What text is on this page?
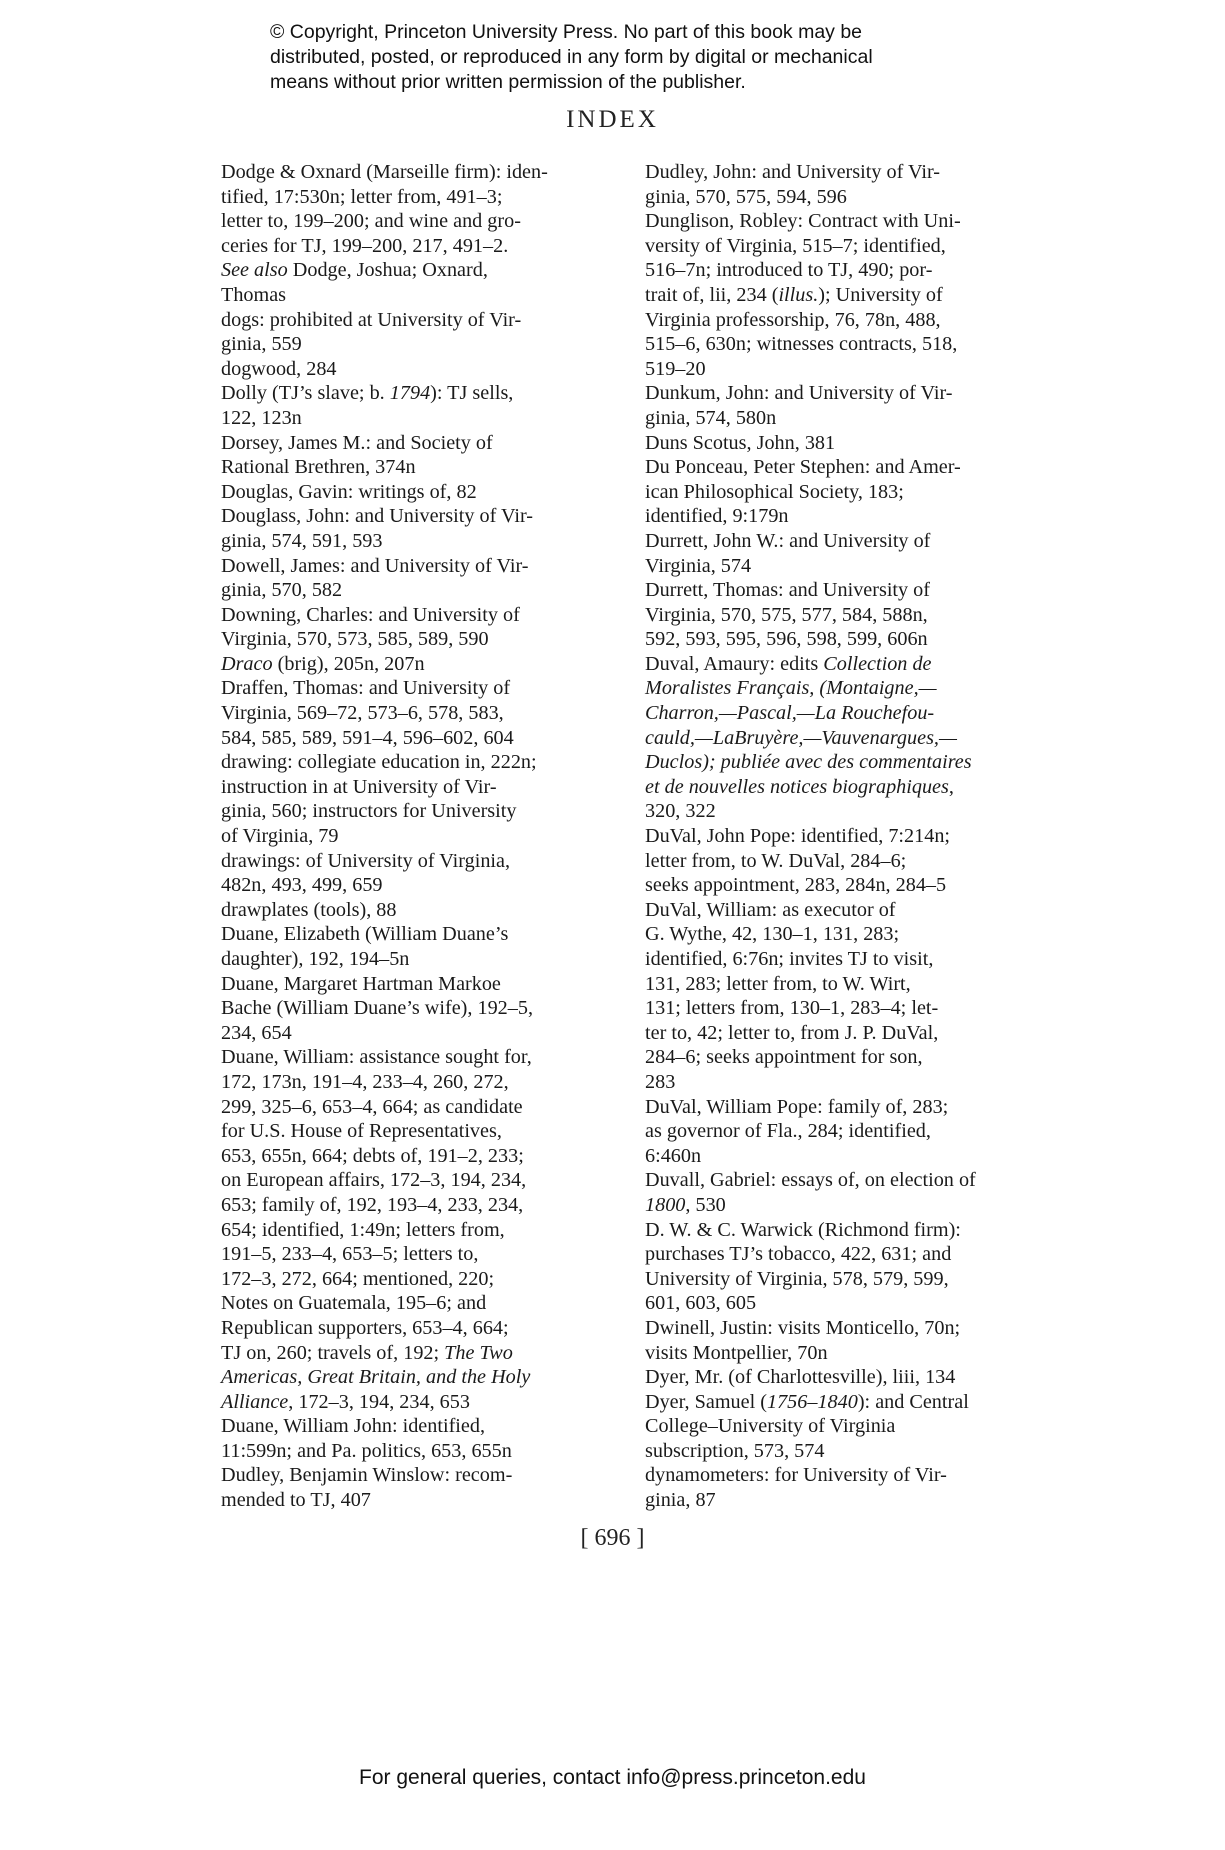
© Copyright, Princeton University Press. No part of this book may be
distributed, posted, or reproduced in any form by digital or mechanical
means without prior written permission of the publisher.
INDEX
Dodge & Oxnard (Marseille firm): iden-
tified, 17:530n; letter from, 491–3;
letter to, 199–200; and wine and gro-
ceries for TJ, 199–200, 217, 491–2.
See also Dodge, Joshua; Oxnard,
Thomas
dogs: prohibited at University of Vir-
ginia, 559
dogwood, 284
Dolly (TJ’s slave; b. 1794): TJ sells,
122, 123n
Dorsey, James M.: and Society of
Rational Brethren, 374n
Douglas, Gavin: writings of, 82
Douglass, John: and University of Vir-
ginia, 574, 591, 593
Dowell, James: and University of Vir-
ginia, 570, 582
Downing, Charles: and University of
Virginia, 570, 573, 585, 589, 590
Draco (brig), 205n, 207n
Draffen, Thomas: and University of
Virginia, 569–72, 573–6, 578, 583,
584, 585, 589, 591–4, 596–602, 604
drawing: collegiate education in, 222n;
instruction in at University of Vir-
ginia, 560; instructors for University
of Virginia, 79
drawings: of University of Virginia,
482n, 493, 499, 659
drawplates (tools), 88
Duane, Elizabeth (William Duane’s
daughter), 192, 194–5n
Duane, Margaret Hartman Markoe
Bache (William Duane’s wife), 192–5,
234, 654
Duane, William: assistance sought for,
172, 173n, 191–4, 233–4, 260, 272,
299, 325–6, 653–4, 664; as candidate
for U.S. House of Representatives,
653, 655n, 664; debts of, 191–2, 233;
on European affairs, 172–3, 194, 234,
653; family of, 192, 193–4, 233, 234,
654; identified, 1:49n; letters from,
191–5, 233–4, 653–5; letters to,
172–3, 272, 664; mentioned, 220;
Notes on Guatemala, 195–6; and
Republican supporters, 653–4, 664;
TJ on, 260; travels of, 192; The Two
Americas, Great Britain, and the Holy
Alliance, 172–3, 194, 234, 653
Duane, William John: identified,
11:599n; and Pa. politics, 653, 655n
Dudley, Benjamin Winslow: recom-
mended to TJ, 407
Dudley, John: and University of Vir-
ginia, 570, 575, 594, 596
Dunglison, Robley: Contract with Uni-
versity of Virginia, 515–7; identified,
516–7n; introduced to TJ, 490; por-
trait of, lii, 234 (illus.); University of
Virginia professorship, 76, 78n, 488,
515–6, 630n; witnesses contracts, 518,
519–20
Dunkum, John: and University of Vir-
ginia, 574, 580n
Duns Scotus, John, 381
Du Ponceau, Peter Stephen: and Amer-
ican Philosophical Society, 183;
identified, 9:179n
Durrett, John W.: and University of
Virginia, 574
Durrett, Thomas: and University of
Virginia, 570, 575, 577, 584, 588n,
592, 593, 595, 596, 598, 599, 606n
Duval, Amaury: edits Collection de
Moralistes Français, (Montaigne,—
Charron,—Pascal,—La Rouchefou-
cauld,—LaBruyère,—Vauvenargues,—
Duclos); publiée avec des commentaires
et de nouvelles notices biographiques,
320, 322
DuVal, John Pope: identified, 7:214n;
letter from, to W. DuVal, 284–6;
seeks appointment, 283, 284n, 284–5
DuVal, William: as executor of
G. Wythe, 42, 130–1, 131, 283;
identified, 6:76n; invites TJ to visit,
131, 283; letter from, to W. Wirt,
131; letters from, 130–1, 283–4; let-
ter to, 42; letter to, from J. P. DuVal,
284–6; seeks appointment for son,
283
DuVal, William Pope: family of, 283;
as governor of Fla., 284; identified,
6:460n
Duvall, Gabriel: essays of, on election of
1800, 530
D. W. & C. Warwick (Richmond firm):
purchases TJ’s tobacco, 422, 631; and
University of Virginia, 578, 579, 599,
601, 603, 605
Dwinell, Justin: visits Monticello, 70n;
visits Montpellier, 70n
Dyer, Mr. (of Charlottesville), liii, 134
Dyer, Samuel (1756–1840): and Central
College–University of Virginia
subscription, 573, 574
dynamometers: for University of Vir-
ginia, 87
[ 696 ]
For general queries, contact info@press.princeton.edu
